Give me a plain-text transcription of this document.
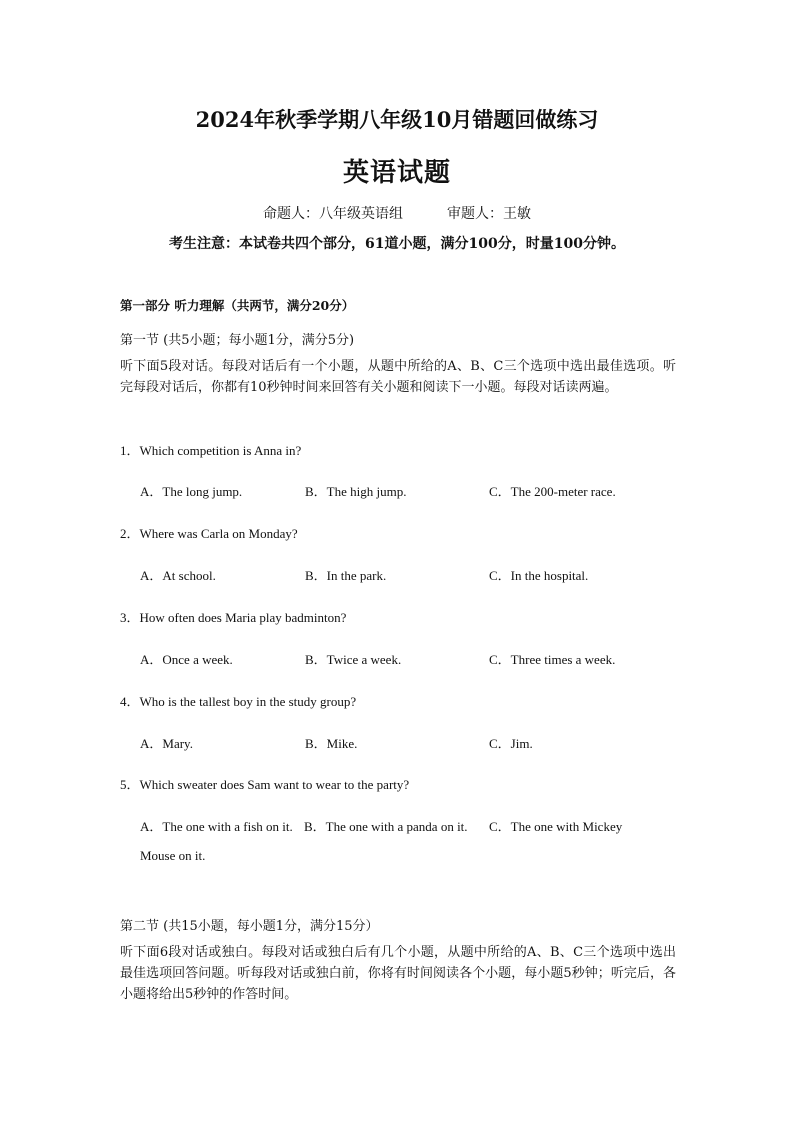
2024年秋季学期八年级10月错题回做练习
英语试题
命题人：八年级英语组	审题人：王敏
考生注意：本试卷共四个部分，61道小题，满分100分，时量100分钟。
第一部分 听力理解（共两节，满分20分）
第一节 (共5小题；每小题1分，满分5分)
听下面5段对话。每段对话后有一个小题，从题中所给的A、B、C三个选项中选出最佳选项。听完每段对话后，你都有10秒钟时间来回答有关小题和阅读下一小题。每段对话读两遍。
1．Which competition is Anna in?
A．The long jump.	B．The high jump.	C．The 200-meter race.
2．Where was Carla on Monday?
A．At school.	B．In the park.	C．In the hospital.
3．How often does Maria play badminton?
A．Once a week.	B．Twice a week.	C．Three times a week.
4．Who is the tallest boy in the study group?
A．Mary.	B．Mike.	C．Jim.
5．Which sweater does Sam want to wear to the party?
A．The one with a fish on it. B．The one with a panda on it. C．The one with Mickey
Mouse on it.
第二节 (共15小题，每小题1分，满分15分）
听下面6段对话或独白。每段对话或独白后有几个小题，从题中所给的A、B、C三个选项中选出最佳选项回答问题。听每段对话或独白前，你将有时间阅读各个小题，每小题5秒钟；听完后，各小题将给出5秒钟的作答时间。
